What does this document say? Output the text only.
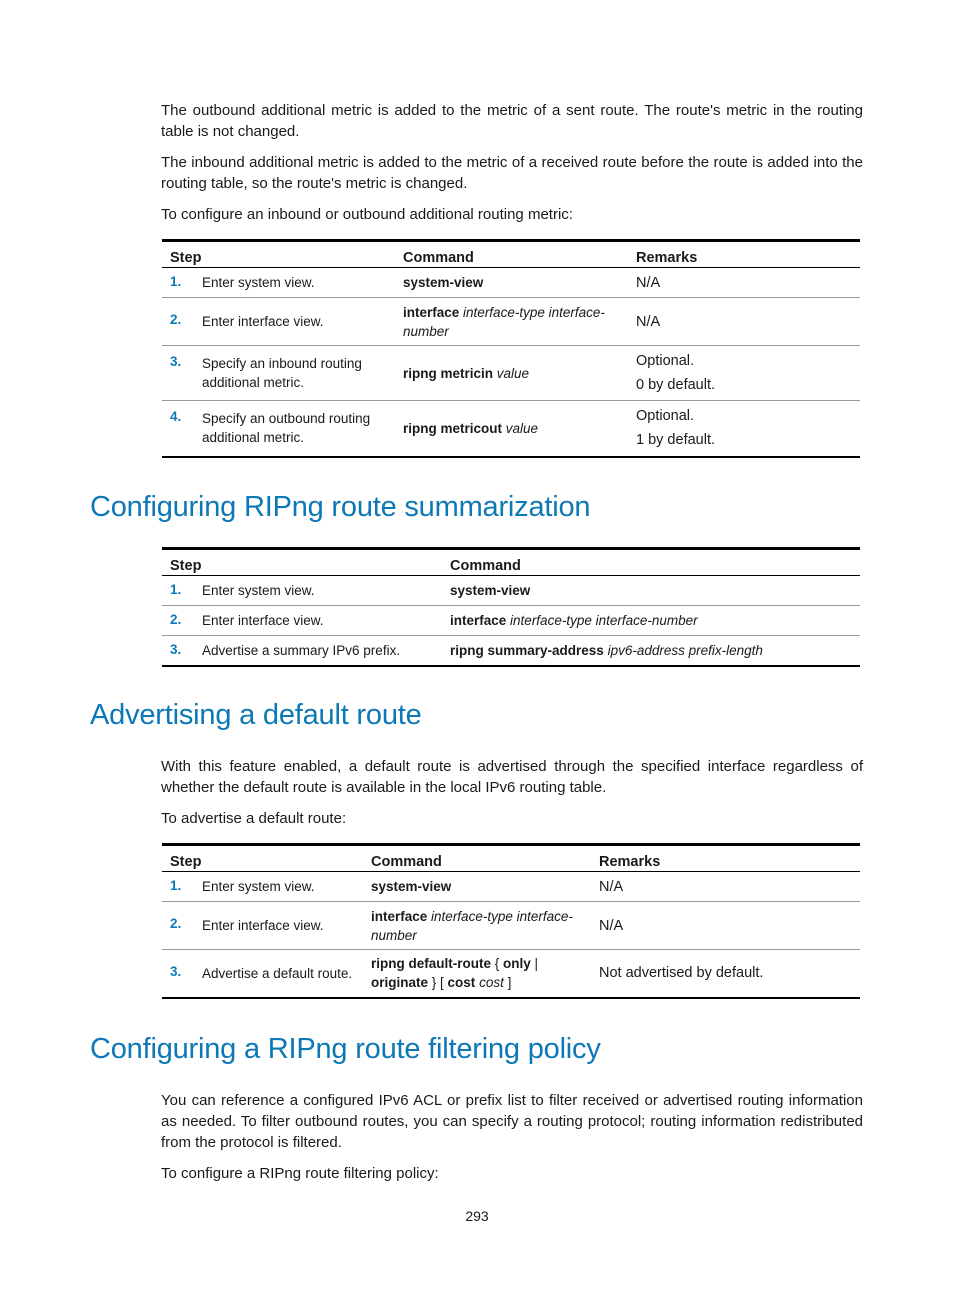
The outbound additional metric is added to the metric of a sent route. The route's metric in the routing table is not changed.

The inbound additional metric is added to the metric of a received route before the route is added into the routing table, so the route's metric is changed.

To configure an inbound or outbound additional routing metric:

Step		Command	Remarks
1.	Enter system view.	system-view	N/A
2.	Enter interface view.	interface interface-type interface-number	N/A
3.	Specify an inbound routing additional metric.	ripng metricin value	Optional.
0 by default.

4.	Specify an outbound routing additional metric.	ripng metricout value	Optional.
1 by default.
Configuring RIPng route summarization
Step		Command
1.	Enter system view.	system-view
2.	Enter interface view.	interface interface-type interface-number
3.	Advertise a summary IPv6 prefix.	ripng summary-address ipv6-address prefix-length
Advertising a default route

With this feature enabled, a default route is advertised through the specified interface regardless of whether the default route is available in the local IPv6 routing table.

To advertise a default route:

Step		Command	Remarks
1.	Enter system view.	system-view	N/A
2.	Enter interface view.	interface interface-type interface-number	N/A
3.	Advertise a default route.	ripng default-route { only | originate } [ cost cost ]	Not advertised by default.
Configuring a RIPng route filtering policy

You can reference a configured IPv6 ACL or prefix list to filter received or advertised routing information as needed. To filter outbound routes, you can specify a routing protocol; routing information redistributed from the protocol is filtered.

To configure a RIPng route filtering policy:

293
